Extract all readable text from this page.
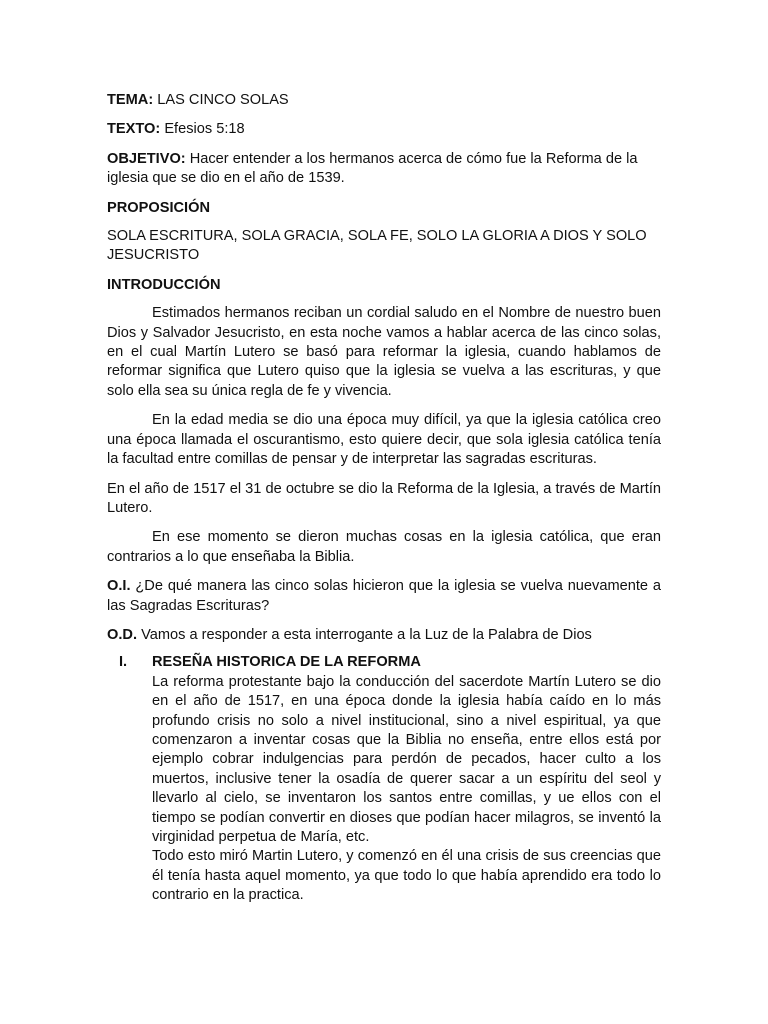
TEMA: LAS CINCO SOLAS

TEXTO: Efesios 5:18

OBJETIVO: Hacer entender a los hermanos acerca de cómo fue la Reforma de la iglesia que se dio en el año de 1539.

PROPOSICIÓN

SOLA ESCRITURA, SOLA GRACIA, SOLA FE, SOLO LA GLORIA A DIOS Y SOLO JESUCRISTO

INTRODUCCIÓN

Estimados hermanos reciban un cordial saludo en el Nombre de nuestro buen Dios y Salvador Jesucristo, en esta noche vamos a hablar acerca de las cinco solas, en el cual Martín Lutero se basó para reformar la iglesia, cuando hablamos de reformar significa que Lutero quiso que la iglesia se vuelva a las escrituras, y que solo ella sea su única regla de fe y vivencia.

En la edad media se dio una época muy difícil, ya que la iglesia católica creo una época llamada el oscurantismo, esto quiere decir, que sola iglesia católica tenía la facultad entre comillas de pensar y de interpretar las sagradas escrituras.

En el año de 1517 el 31 de octubre se dio la Reforma de la Iglesia, a través de Martín Lutero.

En ese momento se dieron muchas cosas en la iglesia católica, que eran contrarios a lo que enseñaba la Biblia.

O.I. ¿De qué manera las cinco solas hicieron que la iglesia se vuelva nuevamente a las Sagradas Escrituras?

O.D. Vamos a responder a esta interrogante a la Luz de la Palabra de Dios

I.	RESEÑA HISTORICA DE LA REFORMA
La reforma protestante bajo la conducción del sacerdote Martín Lutero se dio en el año de 1517, en una época donde la iglesia había caído en lo más profundo crisis no solo a nivel institucional, sino a nivel espiritual, ya que comenzaron a inventar cosas que la Biblia no enseña, entre ellos está por ejemplo cobrar indulgencias para perdón de pecados, hacer culto a los muertos, inclusive tener la osadía de querer sacar a un espíritu del seol y llevarlo al cielo, se inventaron los santos entre comillas, y ue ellos con el tiempo se podían convertir en dioses que podían hacer milagros, se inventó la virginidad perpetua de María, etc.
Todo esto miró Martin Lutero, y comenzó en él una crisis de sus creencias que él tenía hasta aquel momento, ya que todo lo que había aprendido era todo lo contrario en la practica.
